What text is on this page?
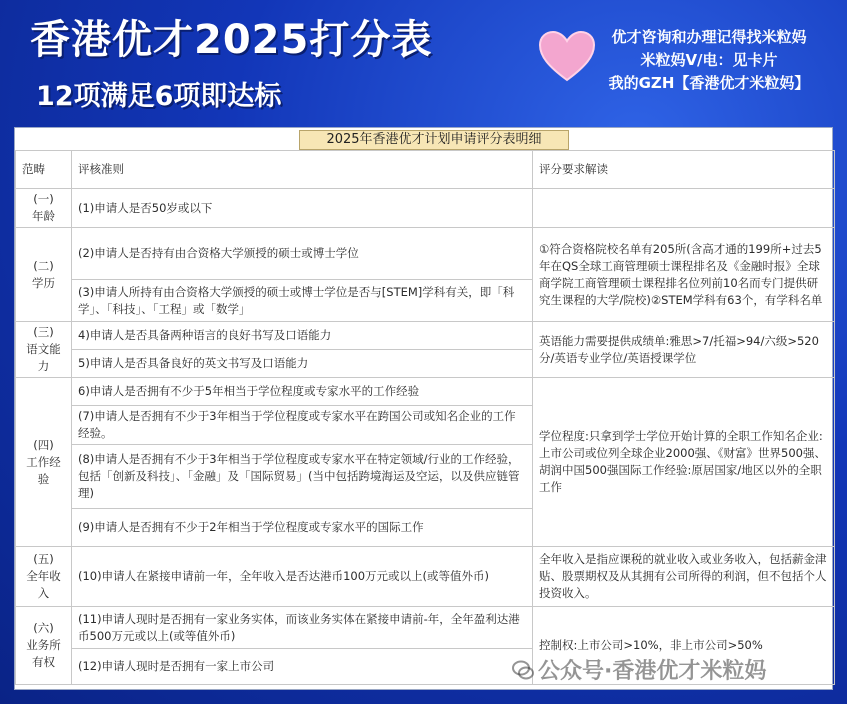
香港优才2025打分表
12项满足6项即达标
优才咨询和办理记得找米粒妈
米粒妈V/电：见卡片
我的GZH【香港优才米粒妈】
2025年香港优才计划申请评分表明细
范畴	评核准则	评分要求解读

(一)
年龄	(1)申请人是否50岁或以下	

(二)
学历	(2)申请人是否持有由合资格大学颁授的硕士或博士学位	①符合资格院校名单有205所(含高才通的199所+过去5年在QS全球工商管理硕士课程排名及《金融时报》全球商学院工商管理硕士课程排名位列前10名而专门提供研究生课程的大学/院校)②STEM学科有63个，有学科名单
	(3)申请人所持有由合资格大学颁授的硕士或博士学位是否与[STEM]学科有关，即「科学」、「科技」、「工程」或「数学」	

(三)
语文能
力	4)申请人是否具备两种语言的良好书写及口语能力	英语能力需要提供成绩单:雅思>7/托福>94/六级>520分/英语专业学位/英语授课学位
	5)申请人是否具备良好的英文书写及口语能力	

(四)
工作经
验	6)申请人是否拥有不少于5年相当于学位程度或专家水平的工作经验	学位程度:只拿到学士学位开始计算的全职工作知名企业:上市公司或位列全球企业2000强、《财富》世界500强、胡润中国500强国际工作经验:原居国家/地区以外的全职工作
	(7)申请人是否拥有不少于3年相当于学位程度或专家水平在跨国公司或知名企业的工作经验。	
	(8)申请人是否拥有不少于3年相当于学位程度或专家水平在特定领域/行业的工作经验，包括「创新及科技」、「金融」及「国际贸易」(当中包括跨境海运及空运，以及供应链管理)	
	(9)申请人是否拥有不少于2年相当于学位程度或专家水平的国际工作	

(五)
全年收
入	(10)申请人在紧接申请前一年，全年收入是否达港币100万元或以上(或等值外币)	全年收入是指应课税的就业收入或业务收入，包括薪金津贴、股票期权及从其拥有公司所得的利润，但不包括个人投资收入。

(六)
业务所
有权	(11)申请人现时是否拥有一家业务实体，而该业务实体在紧接申请前-年，全年盈利达港币500万元或以上(或等值外币)	控制权:上市公司>10%，非上市公司>50%
	(12)申请人现时是否拥有一家上市公司		公众号·香港优才米粒妈
